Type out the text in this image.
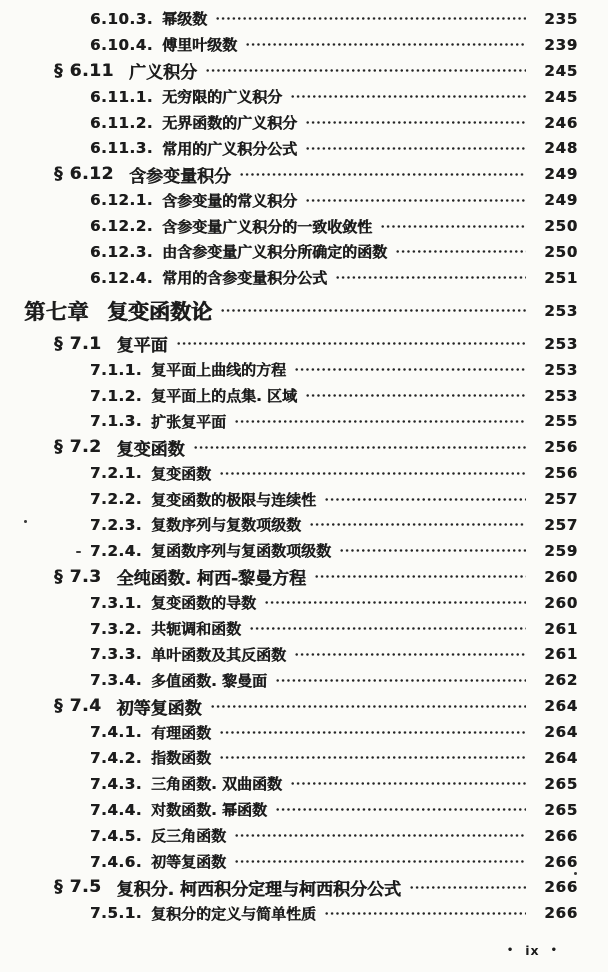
6.10.3. 幂级数	235
6.10.4. 傅里叶级数	239
§ 6.11 广义积分	245
6.11.1. 无穷限的广义积分	245
6.11.2. 无界函数的广义积分	246
6.11.3. 常用的广义积分公式	248
§ 6.12 含参变量积分	249
6.12.1. 含参变量的常义积分	249
6.12.2. 含参变量广义积分的一致收敛性	250
6.12.3. 由含参变量广义积分所确定的函数	250
6.12.4. 常用的含参变量积分公式	251
第七章 复变函数论	253
§ 7.1 复平面	253
7.1.1. 复平面上曲线的方程	253
7.1.2. 复平面上的点集. 区域	253
7.1.3. 扩张复平面	255
§ 7.2 复变函数	256
7.2.1. 复变函数	256
7.2.2. 复变函数的极限与连续性	257
7.2.3. 复数序列与复数项级数	257
7.2.4. 复函数序列与复函数项级数	259
§ 7.3 全纯函数. 柯西-黎曼方程	260
7.3.1. 复变函数的导数	260
7.3.2. 共轭调和函数	261
7.3.3. 单叶函数及其反函数	261
7.3.4. 多值函数. 黎曼面	262
§ 7.4 初等复函数	264
7.4.1. 有理函数	264
7.4.2. 指数函数	264
7.4.3. 三角函数. 双曲函数	265
7.4.4. 对数函数. 幂函数	265
7.4.5. 反三角函数	266
7.4.6. 初等复函数	266
§ 7.5 复积分. 柯西积分定理与柯西积分公式	266
7.5.1. 复积分的定义与简单性质	266
• ix •
